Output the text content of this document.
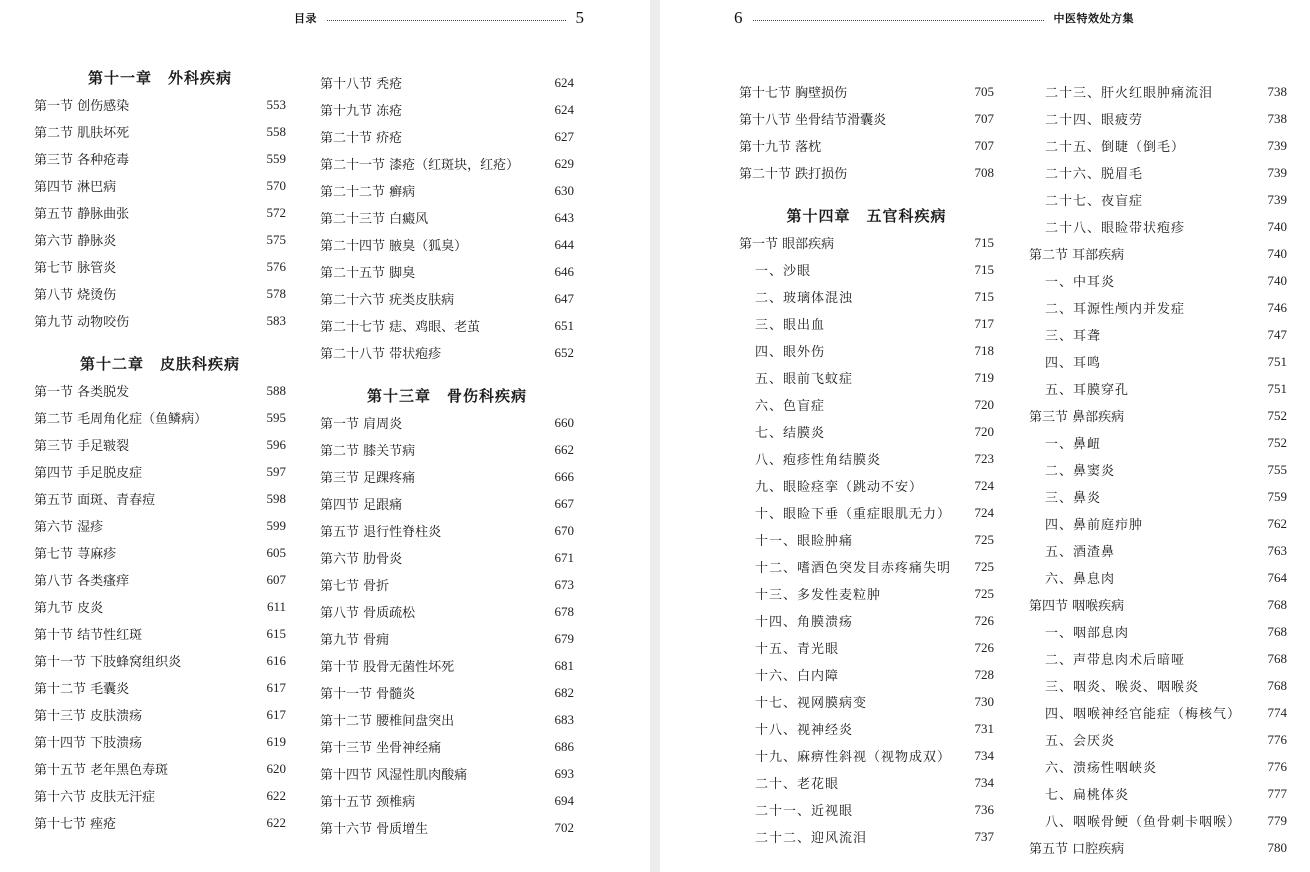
目录	5
第十一章　外科疾病
第一节 创伤感染	553
第二节 肌肤坏死	558
第三节 各种疮毒	559
第四节 淋巴病	570
第五节 静脉曲张	572
第六节 静脉炎	575
第七节 脉管炎	576
第八节 烧烫伤	578
第九节 动物咬伤	583
第十二章　皮肤科疾病
第一节 各类脱发	588
第二节 毛周角化症（鱼鳞病）	595
第三节 手足皲裂	596
第四节 手足脱皮症	597
第五节 面斑、青春痘	598
第六节 湿疹	599
第七节 荨麻疹	605
第八节 各类瘙痒	607
第九节 皮炎	611
第十节 结节性红斑	615
第十一节 下肢蜂窝组织炎	616
第十二节 毛囊炎	617
第十三节 皮肤溃疡	617
第十四节 下肢溃疡	619
第十五节 老年黑色寿斑	620
第十六节 皮肤无汗症	622
第十七节 痤疮	622
第十八节 秃疮	624
第十九节 冻疮	624
第二十节 疥疮	627
第二十一节 漆疮（红斑块，红疮）	629
第二十二节 癣病	630
第二十三节 白癜风	643
第二十四节 腋臭（狐臭）	644
第二十五节 脚臭	646
第二十六节 疣类皮肤病	647
第二十七节 痣、鸡眼、老茧	651
第二十八节 带状疱疹	652
第十三章　骨伤科疾病
第一节 肩周炎	660
第二节 膝关节病	662
第三节 足踝疼痛	666
第四节 足跟痛	667
第五节 退行性脊柱炎	670
第六节 肋骨炎	671
第七节 骨折	673
第八节 骨质疏松	678
第九节 骨痈	679
第十节 股骨无菌性坏死	681
第十一节 骨髓炎	682
第十二节 腰椎间盘突出	683
第十三节 坐骨神经痛	686
第十四节 风湿性肌肉酸痛	693
第十五节 颈椎病	694
第十六节 骨质增生	702
6	中医特效处方集
第十七节 胸壁损伤	705
第十八节 坐骨结节滑囊炎	707
第十九节 落枕	707
第二十节 跌打损伤	708
第十四章　五官科疾病
第一节 眼部疾病	715
一、沙眼	715
二、玻璃体混浊	715
三、眼出血	717
四、眼外伤	718
五、眼前飞蚊症	719
六、色盲症	720
七、结膜炎	720
八、疱疹性角结膜炎	723
九、眼睑痉挛（跳动不安）	724
十、眼睑下垂（重症眼肌无力） 724
十一、眼睑肿痛	725
十二、嗜酒色突发目赤疼痛失明 725
十三、多发性麦粒肿	725
十四、角膜溃疡	726
十五、青光眼	726
十六、白内障	728
十七、视网膜病变	730
十八、视神经炎	731
十九、麻痹性斜视（视物成双） 734
二十、老花眼	734
二十一、近视眼	736
二十二、迎风流泪	737
二十三、肝火红眼肿痛流泪	738
二十四、眼疲劳	738
二十五、倒睫（倒毛）	739
二十六、脱眉毛	739
二十七、夜盲症	739
二十八、眼睑带状疱疹	740
第二节 耳部疾病	740
一、中耳炎	740
二、耳源性颅内并发症	746
三、耳聋	747
四、耳鸣	751
五、耳膜穿孔	751
第三节 鼻部疾病	752
一、鼻衄	752
二、鼻窦炎	755
三、鼻炎	759
四、鼻前庭疖肿	762
五、酒渣鼻	763
六、鼻息肉	764
第四节 咽喉疾病	768
一、咽部息肉	768
二、声带息肉术后暗哑	768
三、咽炎、喉炎、咽喉炎	768
四、咽喉神经官能症（梅核气） 774
五、会厌炎	776
六、溃疡性咽峡炎	776
七、扁桃体炎	777
八、咽喉骨鲠（鱼骨刺卡咽喉） 779
第五节 口腔疾病	780
